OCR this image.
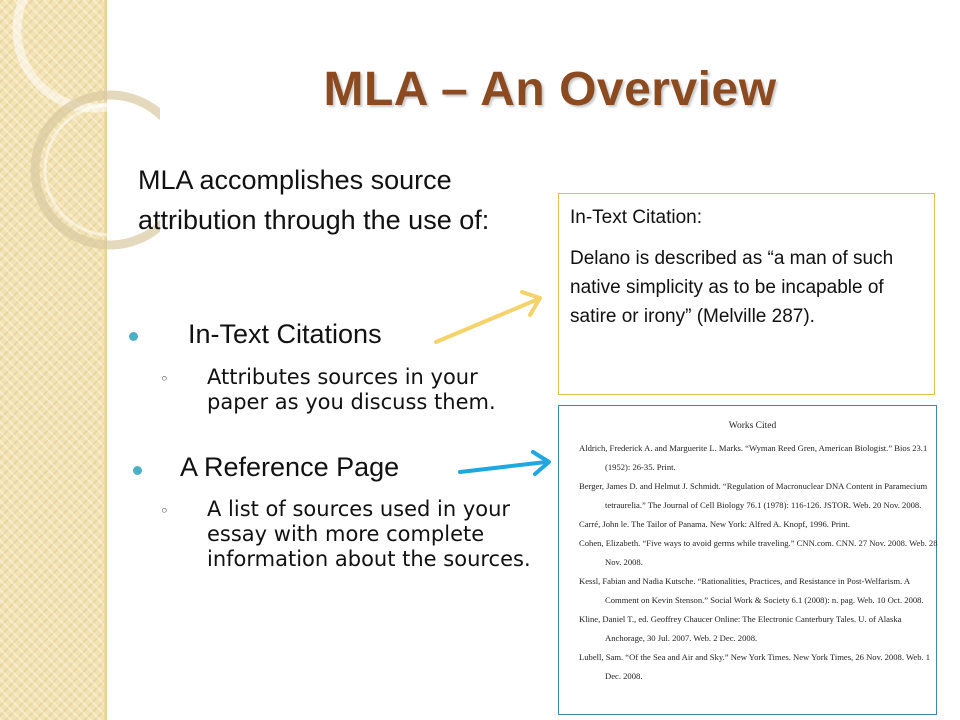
MLA – An Overview
MLA accomplishes source attribution through the use of:
In-Text Citations
◦ Attributes sources in your paper as you discuss them.
A Reference Page
◦ A list of sources used in your essay with more complete information about the sources.
In-Text Citation:
Delano is described as “a man of such native simplicity as to be incapable of satire or irony” (Melville 287).
Works Cited
Aldrich, Frederick A. and Marguerite L. Marks. “Wyman Reed Gren, American Biologist.” Bios 23.1
(1952): 26-35. Print.
Berger, James D. and Helmut J. Schmidt. “Regulation of Macronuclear DNA Content in Paramecium
tetraurelia.” The Journal of Cell Biology 76.1 (1978): 116-126. JSTOR. Web. 20 Nov. 2008.
Carré, John le. The Tailor of Panama. New York: Alfred A. Knopf, 1996. Print.
Cohen, Elizabeth. “Five ways to avoid germs while traveling.” CNN.com. CNN. 27 Nov. 2008. Web. 28
Nov. 2008.
Kessl, Fabian and Nadia Kutsche. “Rationalities, Practices, and Resistance in Post-Welfarism. A
Comment on Kevin Stenson.” Social Work & Society 6.1 (2008): n. pag. Web. 10 Oct. 2008.
Kline, Daniel T., ed. Geoffrey Chaucer Online: The Electronic Canterbury Tales. U. of Alaska
Anchorage, 30 Jul. 2007. Web. 2 Dec. 2008.
Lubell, Sam. “Of the Sea and Air and Sky.” New York Times. New York Times, 26 Nov. 2008. Web. 1
Dec. 2008.
